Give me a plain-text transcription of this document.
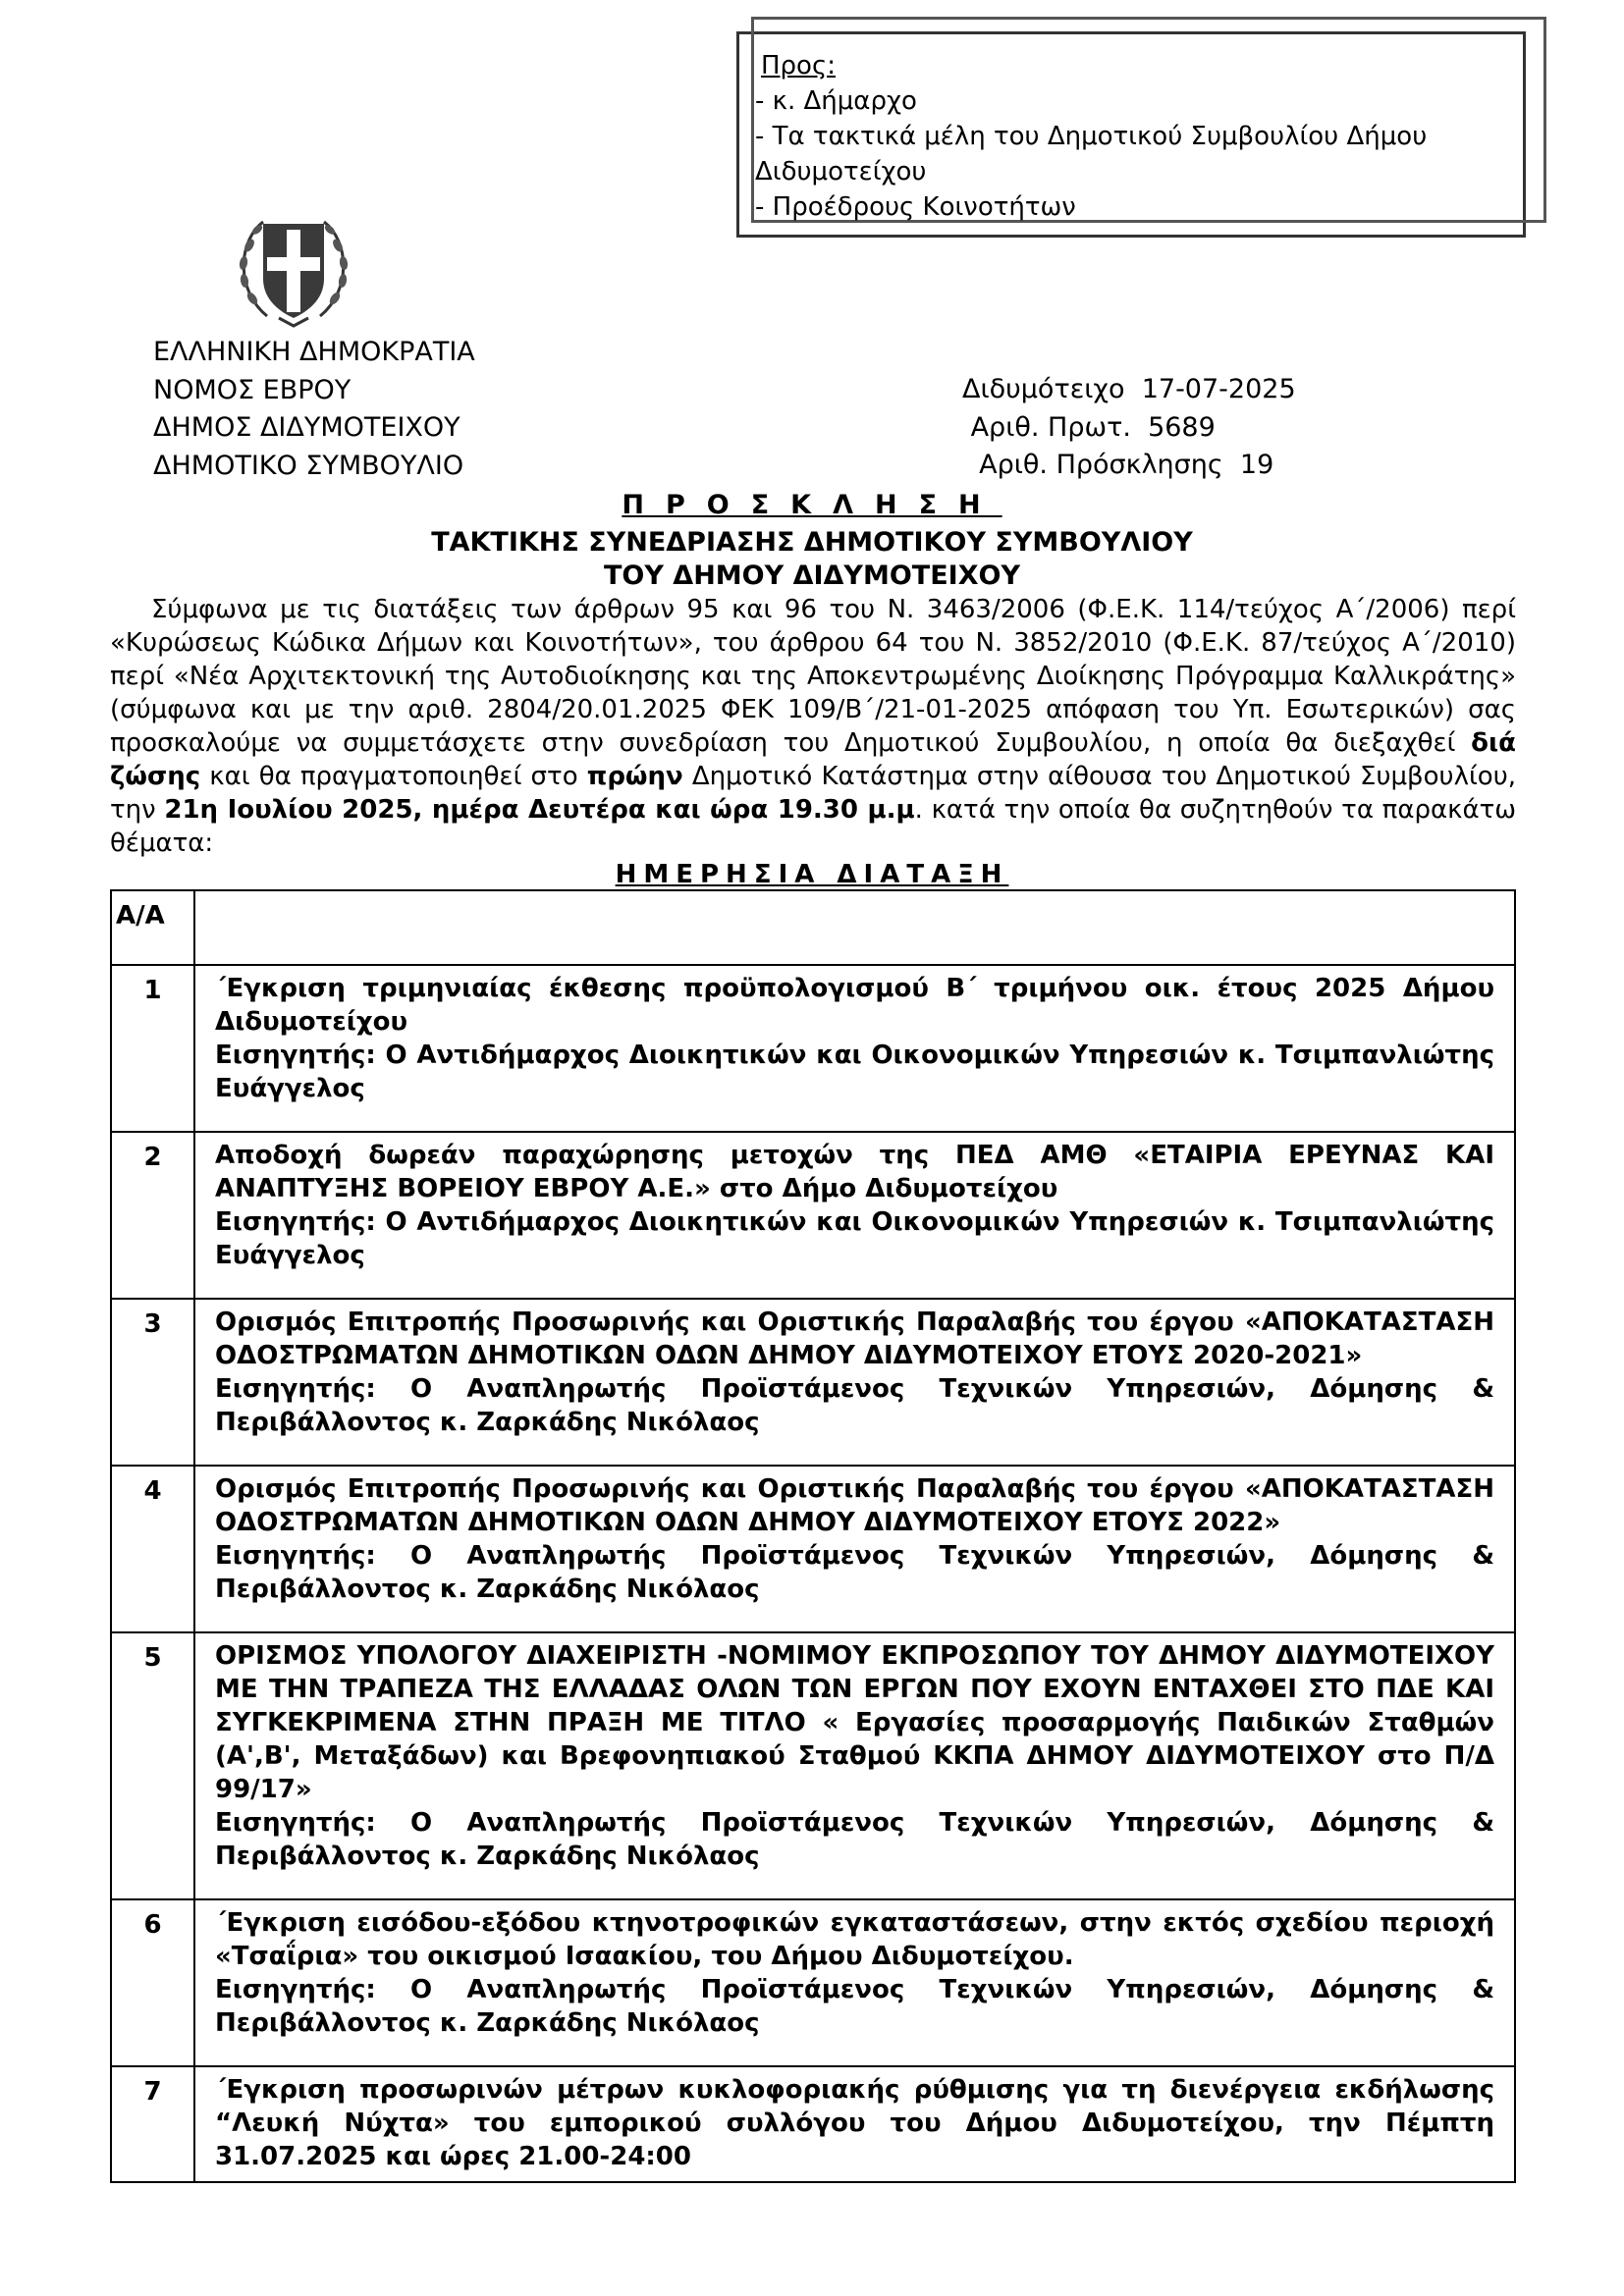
Προς:
- κ. Δήμαρχο
- Τα τακτικά μέλη του Δημοτικού Συμβουλίου Δήμου Διδυμοτείχου
- Προέδρους Κοινοτήτων
ΕΛΛΗΝΙΚΗ ΔΗΜΟΚΡΑΤΙΑ
ΝΟΜΟΣ ΕΒΡΟΥ
ΔΗΜΟΣ ΔΙΔΥΜΟΤΕΙΧΟΥ
ΔΗΜΟΤΙΚΟ ΣΥΜΒΟΥΛΙΟ
Διδυμότειχο  17-07-2025
Αριθ. Πρωτ.  5689
Αριθ. Πρόσκλησης  19
ΠΡΟΣΚΛΗΣΗ
ΤΑΚΤΙΚΗΣ ΣΥΝΕΔΡΙΑΣΗΣ ΔΗΜΟΤΙΚΟΥ ΣΥΜΒΟΥΛΙΟΥ
ΤΟΥ ΔΗΜΟΥ ΔΙΔΥΜΟΤΕΙΧΟΥ
Σύμφωνα με τις διατάξεις των άρθρων 95 και 96 του Ν. 3463/2006 (Φ.Ε.Κ. 114/τεύχος Α΄/2006) περί «Κυρώσεως Κώδικα Δήμων και Κοινοτήτων», του άρθρου 64 του Ν. 3852/2010 (Φ.Ε.Κ. 87/τεύχος Α΄/2010) περί «Νέα Αρχιτεκτονική της Αυτοδιοίκησης και της Αποκεντρωμένης Διοίκησης Πρόγραμμα Καλλικράτης» (σύμφωνα και με την αριθ. 2804/20.01.2025 ΦΕΚ 109/Β΄/21-01-2025 απόφαση του Υπ. Εσωτερικών) σας προσκαλούμε να συμμετάσχετε στην συνεδρίαση του Δημοτικού Συμβουλίου, η οποία θα διεξαχθεί διά ζώσης και θα πραγματοποιηθεί στο πρώην Δημοτικό Κατάστημα στην αίθουσα του Δημοτικού Συμβουλίου, την 21η Ιουλίου 2025, ημέρα Δευτέρα και ώρα 19.30 μ.μ. κατά την οποία θα συζητηθούν τα παρακάτω θέματα:
ΗΜΕΡΗΣΙΑ ΔΙΑΤΑΞΗ
Α/Α	
1	΄Εγκριση τριμηνιαίας έκθεσης προϋπολογισμού Β΄ τριμήνου οικ. έτους 2025 Δήμου Διδυμοτείχου
Εισηγητής: Ο Αντιδήμαρχος Διοικητικών και Οικονομικών Υπηρεσιών κ. Τσιμπανλιώτης Ευάγγελος

2	Αποδοχή δωρεάν παραχώρησης μετοχών της ΠΕΔ ΑΜΘ «ΕΤΑΙΡΙΑ ΕΡΕΥΝΑΣ ΚΑΙ ΑΝΑΠΤΥΞΗΣ ΒΟΡΕΙΟΥ ΕΒΡΟΥ Α.Ε.» στο Δήμο Διδυμοτείχου
Εισηγητής: Ο Αντιδήμαρχος Διοικητικών και Οικονομικών Υπηρεσιών κ. Τσιμπανλιώτης Ευάγγελος

3	Ορισμός Επιτροπής Προσωρινής και Οριστικής Παραλαβής του έργου «ΑΠΟΚΑΤΑΣΤΑΣΗ ΟΔΟΣΤΡΩΜΑΤΩΝ ΔΗΜΟΤΙΚΩΝ ΟΔΩΝ ΔΗΜΟΥ ΔΙΔΥΜΟΤΕΙΧΟΥ ΕΤΟΥΣ 2020-2021»
Εισηγητής: Ο Αναπληρωτής Προϊστάμενος Τεχνικών Υπηρεσιών, Δόμησης & Περιβάλλοντος κ. Ζαρκάδης Νικόλαος

4	Ορισμός Επιτροπής Προσωρινής και Οριστικής Παραλαβής του έργου «ΑΠΟΚΑΤΑΣΤΑΣΗ ΟΔΟΣΤΡΩΜΑΤΩΝ ΔΗΜΟΤΙΚΩΝ ΟΔΩΝ ΔΗΜΟΥ ΔΙΔΥΜΟΤΕΙΧΟΥ ΕΤΟΥΣ 2022»
Εισηγητής: Ο Αναπληρωτής Προϊστάμενος Τεχνικών Υπηρεσιών, Δόμησης & Περιβάλλοντος κ. Ζαρκάδης Νικόλαος

5	ΟΡΙΣΜΟΣ ΥΠΟΛΟΓΟΥ ΔΙΑΧΕΙΡΙΣΤΗ -ΝΟΜΙΜΟΥ ΕΚΠΡΟΣΩΠΟΥ ΤΟΥ ΔΗΜΟΥ ΔΙΔΥΜΟΤΕΙΧΟΥ ΜΕ ΤΗΝ ΤΡΑΠΕΖΑ ΤΗΣ ΕΛΛΑΔΑΣ ΟΛΩΝ ΤΩΝ ΕΡΓΩΝ ΠΟΥ ΕΧΟΥΝ ΕΝΤΑΧΘΕΙ ΣΤΟ ΠΔΕ ΚΑΙ ΣΥΓΚΕΚΡΙΜΕΝΑ ΣΤΗΝ ΠΡΑΞΗ ΜΕ ΤΙΤΛΟ « Εργασίες προσαρμογής Παιδικών Σταθμών (Α',Β', Μεταξάδων) και Βρεφονηπιακού Σταθμού ΚΚΠΑ ΔΗΜΟΥ ΔΙΔΥΜΟΤΕΙΧΟΥ στο Π/Δ 99/17»
Εισηγητής: Ο Αναπληρωτής Προϊστάμενος Τεχνικών Υπηρεσιών, Δόμησης & Περιβάλλοντος κ. Ζαρκάδης Νικόλαος

6	΄Εγκριση εισόδου-εξόδου κτηνοτροφικών εγκαταστάσεων, στην εκτός σχεδίου περιοχή «Τσαΐρια» του οικισμού Ισαακίου, του Δήμου Διδυμοτείχου.
Εισηγητής: Ο Αναπληρωτής Προϊστάμενος Τεχνικών Υπηρεσιών, Δόμησης & Περιβάλλοντος κ. Ζαρκάδης Νικόλαος

7	΄Εγκριση προσωρινών μέτρων κυκλοφοριακής ρύθμισης για τη διενέργεια εκδήλωσης “Λευκή Νύχτα» του εμπορικού συλλόγου του Δήμου Διδυμοτείχου, την Πέμπτη 31.07.2025 και ώρες 21.00-24:00
